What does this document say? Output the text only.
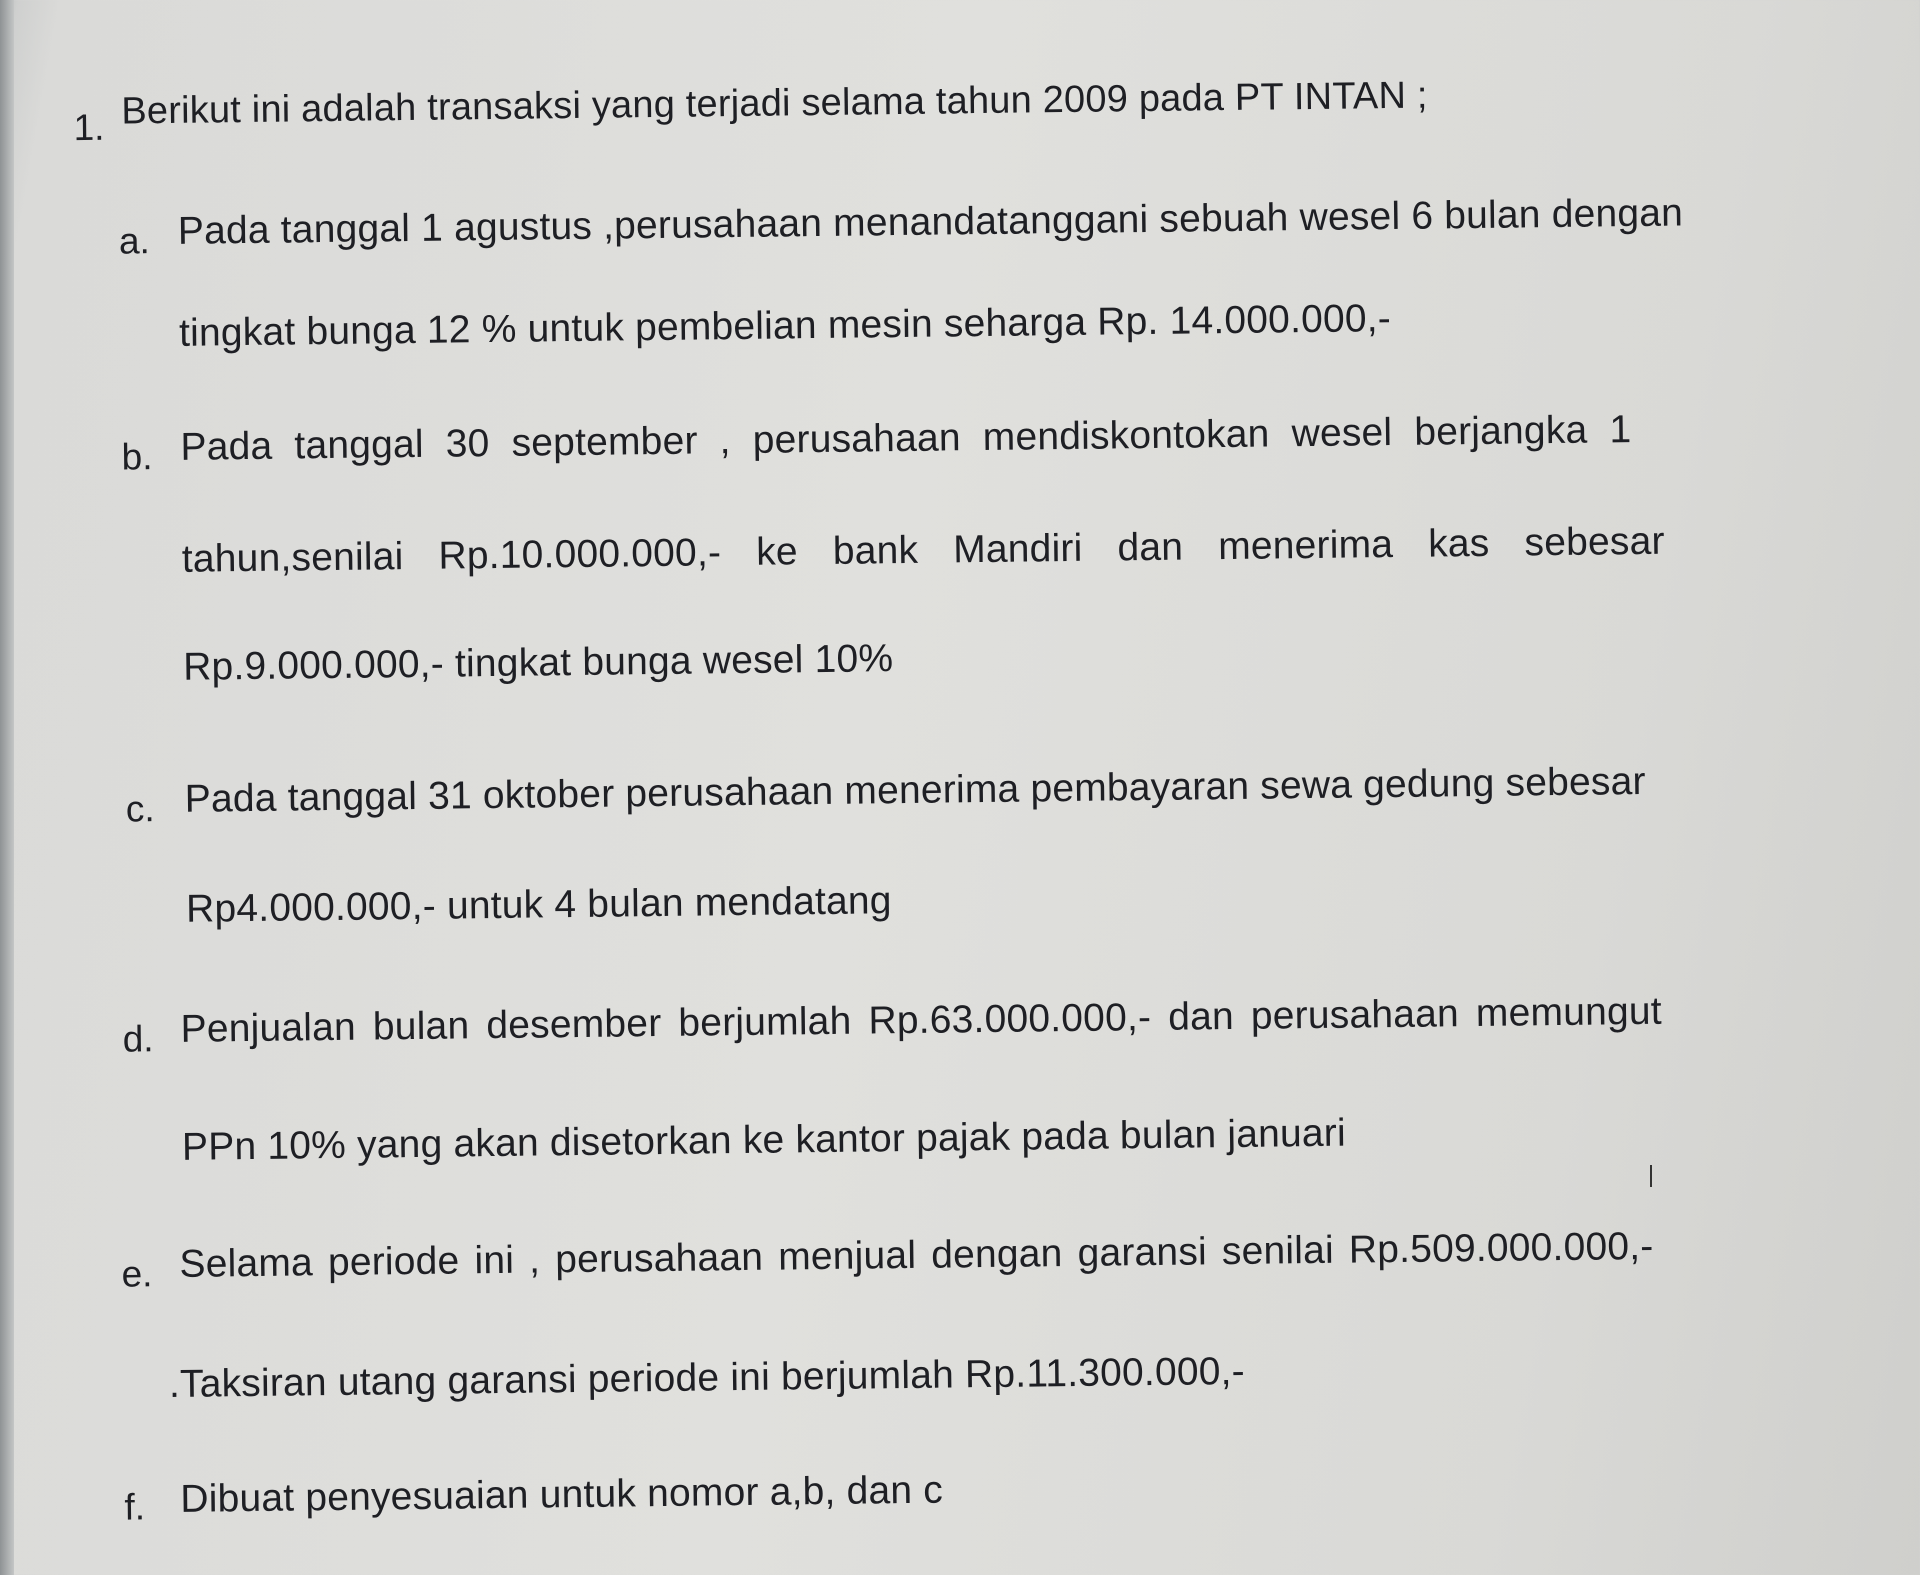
1. Berikut ini adalah transaksi yang terjadi selama tahun 2009 pada PT INTAN ;
a. Pada tanggal 1 agustus ,perusahaan menandatanggani sebuah wesel 6 bulan dengan
tingkat bunga 12 % untuk pembelian mesin seharga Rp. 14.000.000,-
b. Pada tanggal 30 september , perusahaan mendiskontokan wesel berjangka 1
tahun,senilai Rp.10.000.000,- ke bank Mandiri dan menerima kas sebesar
Rp.9.000.000,- tingkat bunga wesel 10%
c. Pada tanggal 31 oktober perusahaan menerima pembayaran sewa gedung sebesar
Rp4.000.000,- untuk 4 bulan mendatang
d. Penjualan bulan desember berjumlah Rp.63.000.000,- dan perusahaan memungut
PPn 10% yang akan disetorkan ke kantor pajak pada bulan januari
e. Selama periode ini , perusahaan menjual dengan garansi senilai Rp.509.000.000,-
.Taksiran utang garansi periode ini berjumlah Rp.11.300.000,-
f. Dibuat penyesuaian untuk nomor a,b, dan c
